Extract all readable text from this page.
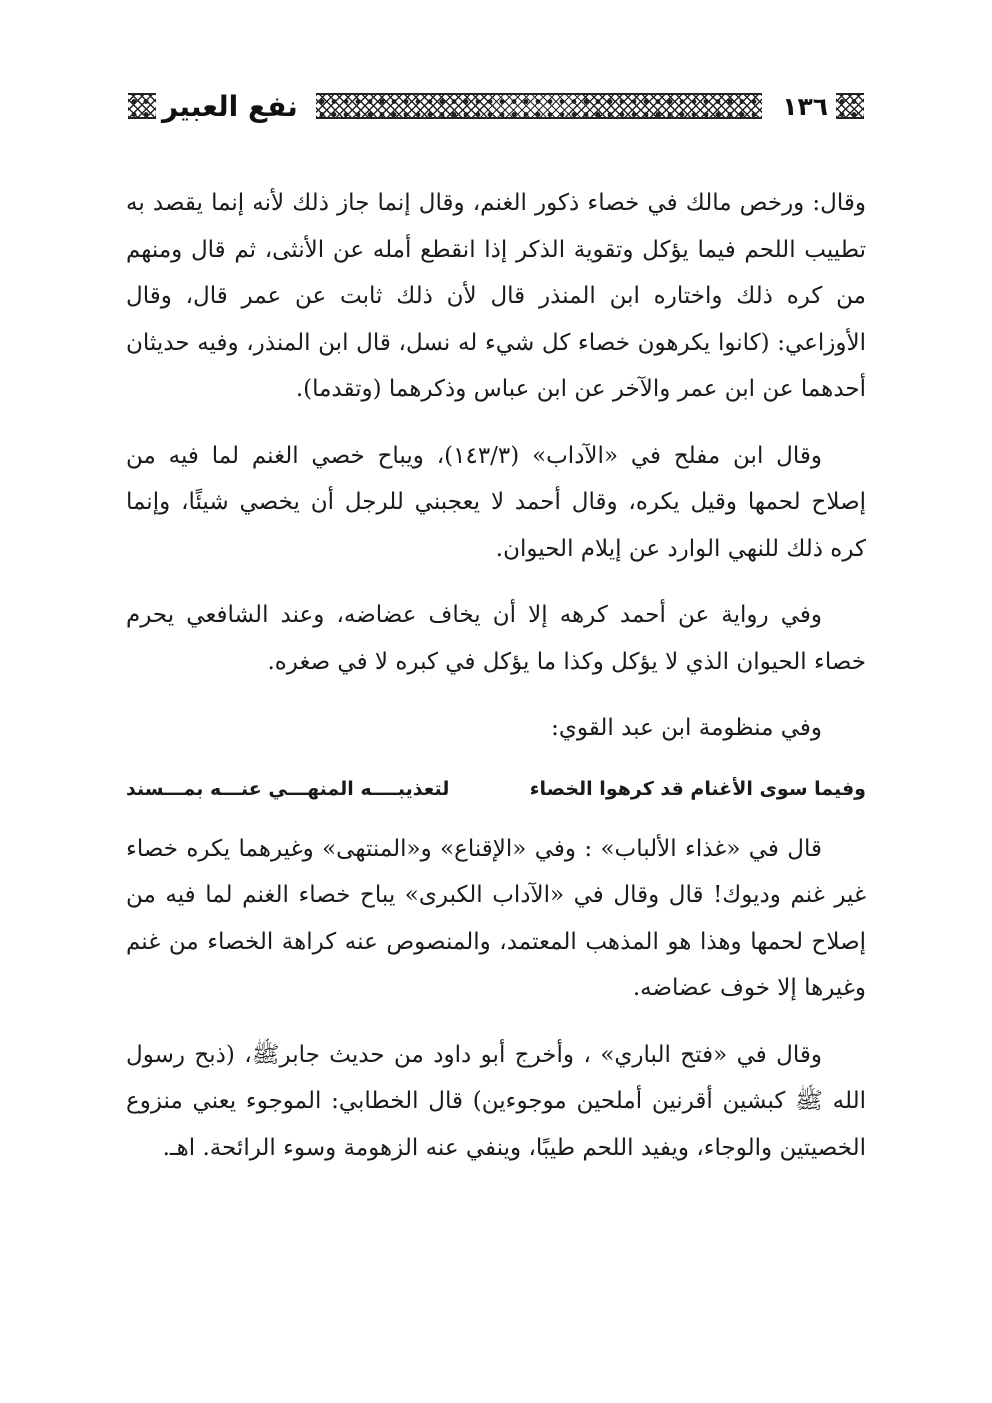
١٣٦
نفع العبير

وقال: ورخص مالك في خصاء ذكور الغنم، وقال إنما جاز ذلك لأنه إنما يقصد به تطييب اللحم فيما يؤكل وتقوية الذكر إذا انقطع أمله عن الأنثى، ثم قال ومنهم من كره ذلك واختاره ابن المنذر قال لأن ذلك ثابت عن عمر قال، وقال الأوزاعي: (كانوا يكرهون خصاء كل شيء له نسل، قال ابن المنذر، وفيه حديثان أحدهما عن ابن عمر والآخر عن ابن عباس وذكرهما (وتقدما).

وقال ابن مفلح في «الآداب» (١٤٣/٣)، ويباح خصي الغنم لما فيه من إصلاح لحمها وقيل يكره، وقال أحمد لا يعجبني للرجل أن يخصي شيئًا، وإنما كره ذلك للنهي الوارد عن إيلام الحيوان.

وفي رواية عن أحمد كرهه إلا أن يخاف عضاضه، وعند الشافعي يحرم خصاء الحيوان الذي لا يؤكل وكذا ما يؤكل في كبره لا في صغره.

وفي منظومة ابن عبد القوي:

وفيما سوى الأغنام قد كرهوا الخصاء
لتعذيبــــه المنهـــي عنـــه بمـــسند

قال في «غذاء الألباب» : وفي «الإقناع» و«المنتهى» وغيرهما يكره خصاء غير غنم وديوك! قال وقال في «الآداب الكبرى» يباح خصاء الغنم لما فيه من إصلاح لحمها وهذا هو المذهب المعتمد، والمنصوص عنه كراهة الخصاء من غنم وغيرها إلا خوف عضاضه.

وقال في «فتح الباري» ، وأخرج أبو داود من حديث جابرﷺ، (ذبح رسول الله ﷺ كبشين أقرنين أملحين موجوءين) قال الخطابي: الموجوء يعني منزوع الخصيتين والوجاء، ويفيد اللحم طيبًا، وينفي عنه الزهومة وسوء الرائحة. اهـ.
